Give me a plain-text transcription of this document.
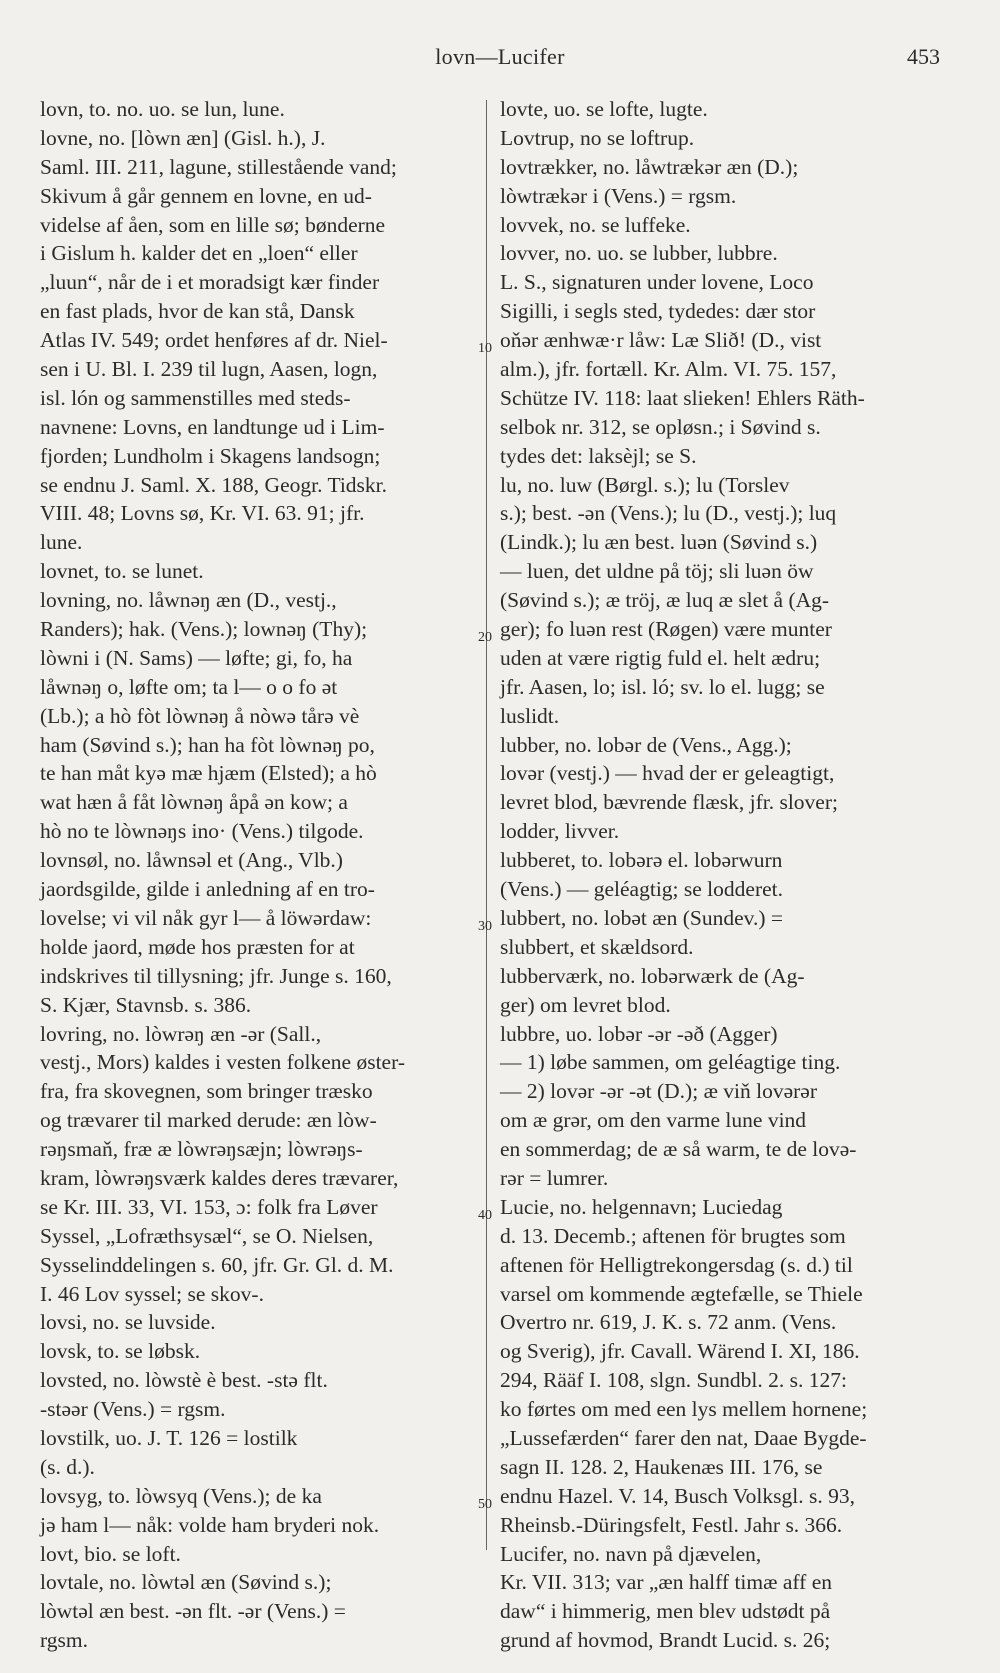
lovn—Lucifer	453
10
20
30
40
50
lovn, to. no. uo. se lun, lune.
lovne, no. [lòwn æn] (Gisl. h.), J.
Saml. III. 211, lagune, stillestående vand;
Skivum å går gennem en lovne, en ud-
videlse af åen, som en lille sø; bønderne
i Gislum h. kalder det en „loen“ eller
„luun“, når de i et moradsigt kær finder
en fast plads, hvor de kan stå, Dansk
Atlas IV. 549; ordet henføres af dr. Niel-
sen i U. Bl. I. 239 til lugn, Aasen, logn,
isl. lón og sammenstilles med steds-
navnene: Lovns, en landtunge ud i Lim-
fjorden; Lundholm i Skagens landsogn;
se endnu J. Saml. X. 188, Geogr. Tidskr.
VIII. 48; Lovns sø, Kr. VI. 63. 91; jfr.
lune.
lovnet, to. se lunet.
lovning, no. låwnəŋ æn (D., vestj.,
Randers); hak. (Vens.); lownəŋ (Thy);
lòwni i (N. Sams) — løfte; gi, fo, ha
låwnəŋ o, løfte om; ta l— o o fo ət
(Lb.); a hò fòt lòwnəŋ å nòwə tårə vè
ham (Søvind s.); han ha fòt lòwnəŋ po,
te han måt kyə mæ hjæm (Elsted); a hò
wat hæn å fåt lòwnəŋ åpå ən kow; a
hò no te lòwnəŋs ino· (Vens.) tilgode.
lovnsøl, no. låwnsəl et (Ang., Vlb.)
jaordsgilde, gilde i anledning af en tro-
lovelse; vi vil nåk gyr l— å löwərdaw:
holde jaord, møde hos præsten for at
indskrives til tillysning; jfr. Junge s. 160,
S. Kjær, Stavnsb. s. 386.
lovring, no. lòwrəŋ æn -ər (Sall.,
vestj., Mors) kaldes i vesten folkene øster-
fra, fra skovegnen, som bringer træsko
og trævarer til marked derude: æn lòw-
rəŋsmaň, fræ æ lòwrəŋsæjn; lòwrəŋs-
kram, lòwrəŋsværk kaldes deres trævarer,
se Kr. III. 33, VI. 153, ɔ: folk fra Løver
Syssel, „Lofræthsysæl“, se O. Nielsen,
Sysselinddelingen s. 60, jfr. Gr. Gl. d. M.
I. 46 Lov syssel; se skov-.
lovsi, no. se luvside.
lovsk, to. se løbsk.
lovsted, no. lòwstè è best. -stə flt.
-stəər (Vens.) = rgsm.
lovstilk, uo. J. T. 126 = lostilk
(s. d.).
lovsyg, to. lòwsyq (Vens.); de ka
jə ham l— nåk: volde ham bryderi nok.
lovt, bio. se loft.
lovtale, no. lòwtəl æn (Søvind s.);
lòwtəl æn best. -ən flt. -ər (Vens.) =
rgsm.
lovte, uo. se lofte, lugte.
Lovtrup, no se loftrup.
lovtrækker, no. låwtrækər æn (D.);
lòwtrækər i (Vens.) = rgsm.
lovvek, no. se luffeke.
lovver, no. uo. se lubber, lubbre.
L. S., signaturen under lovene, Loco
Sigilli, i segls sted, tydedes: dær stor
oňər ænhwæ·r låw: Læ Slið! (D., vist
alm.), jfr. fortæll. Kr. Alm. VI. 75. 157,
Schütze IV. 118: laat slieken! Ehlers Räth-
selbok nr. 312, se opløsn.; i Søvind s.
tydes det: laksèjl; se S.
lu, no. luw (Børgl. s.); lu (Torslev
s.); best. -ən (Vens.); lu (D., vestj.); luq
(Lindk.); lu æn best. luən (Søvind s.)
— luen, det uldne på töj; sli luən öw
(Søvind s.); æ tröj, æ luq æ slet å (Ag-
ger); fo luən rest (Røgen) være munter
uden at være rigtig fuld el. helt ædru;
jfr. Aasen, lo; isl. ló; sv. lo el. lugg; se
luslidt.
lubber, no. lobər de (Vens., Agg.);
lovər (vestj.) — hvad der er geleagtigt,
levret blod, bævrende flæsk, jfr. slover;
lodder, livver.
lubberet, to. lobərə el. lobərwurn
(Vens.) — geléagtig; se lodderet.
lubbert, no. lobət æn (Sundev.) =
slubbert, et skældsord.
lubberværk, no. lobərwærk de (Ag-
ger) om levret blod.
lubbre, uo. lobər -ər -əð (Agger)
— 1) løbe sammen, om geléagtige ting.
— 2) lovər -ər -ət (D.); æ viň lovərər
om æ grər, om den varme lune vind
en sommerdag; de æ så warm, te de lovə-
rər = lumrer.
Lucie, no. helgennavn; Luciedag
d. 13. Decemb.; aftenen för brugtes som
aftenen för Helligtrekongersdag (s. d.) til
varsel om kommende ægtefælle, se Thiele
Overtro nr. 619, J. K. s. 72 anm. (Vens.
og Sverig), jfr. Cavall. Wärend I. XI, 186.
294, Rääf I. 108, slgn. Sundbl. 2. s. 127:
ko førtes om med een lys mellem hornene;
„Lussefærden“ farer den nat, Daae Bygde-
sagn II. 128. 2, Haukenæs III. 176, se
endnu Hazel. V. 14, Busch Volksgl. s. 93,
Rheinsb.-Düringsfelt, Festl. Jahr s. 366.
Lucifer, no. navn på djævelen,
Kr. VII. 313; var „æn halff timæ aff en
daw“ i himmerig, men blev udstødt på
grund af hovmod, Brandt Lucid. s. 26;
